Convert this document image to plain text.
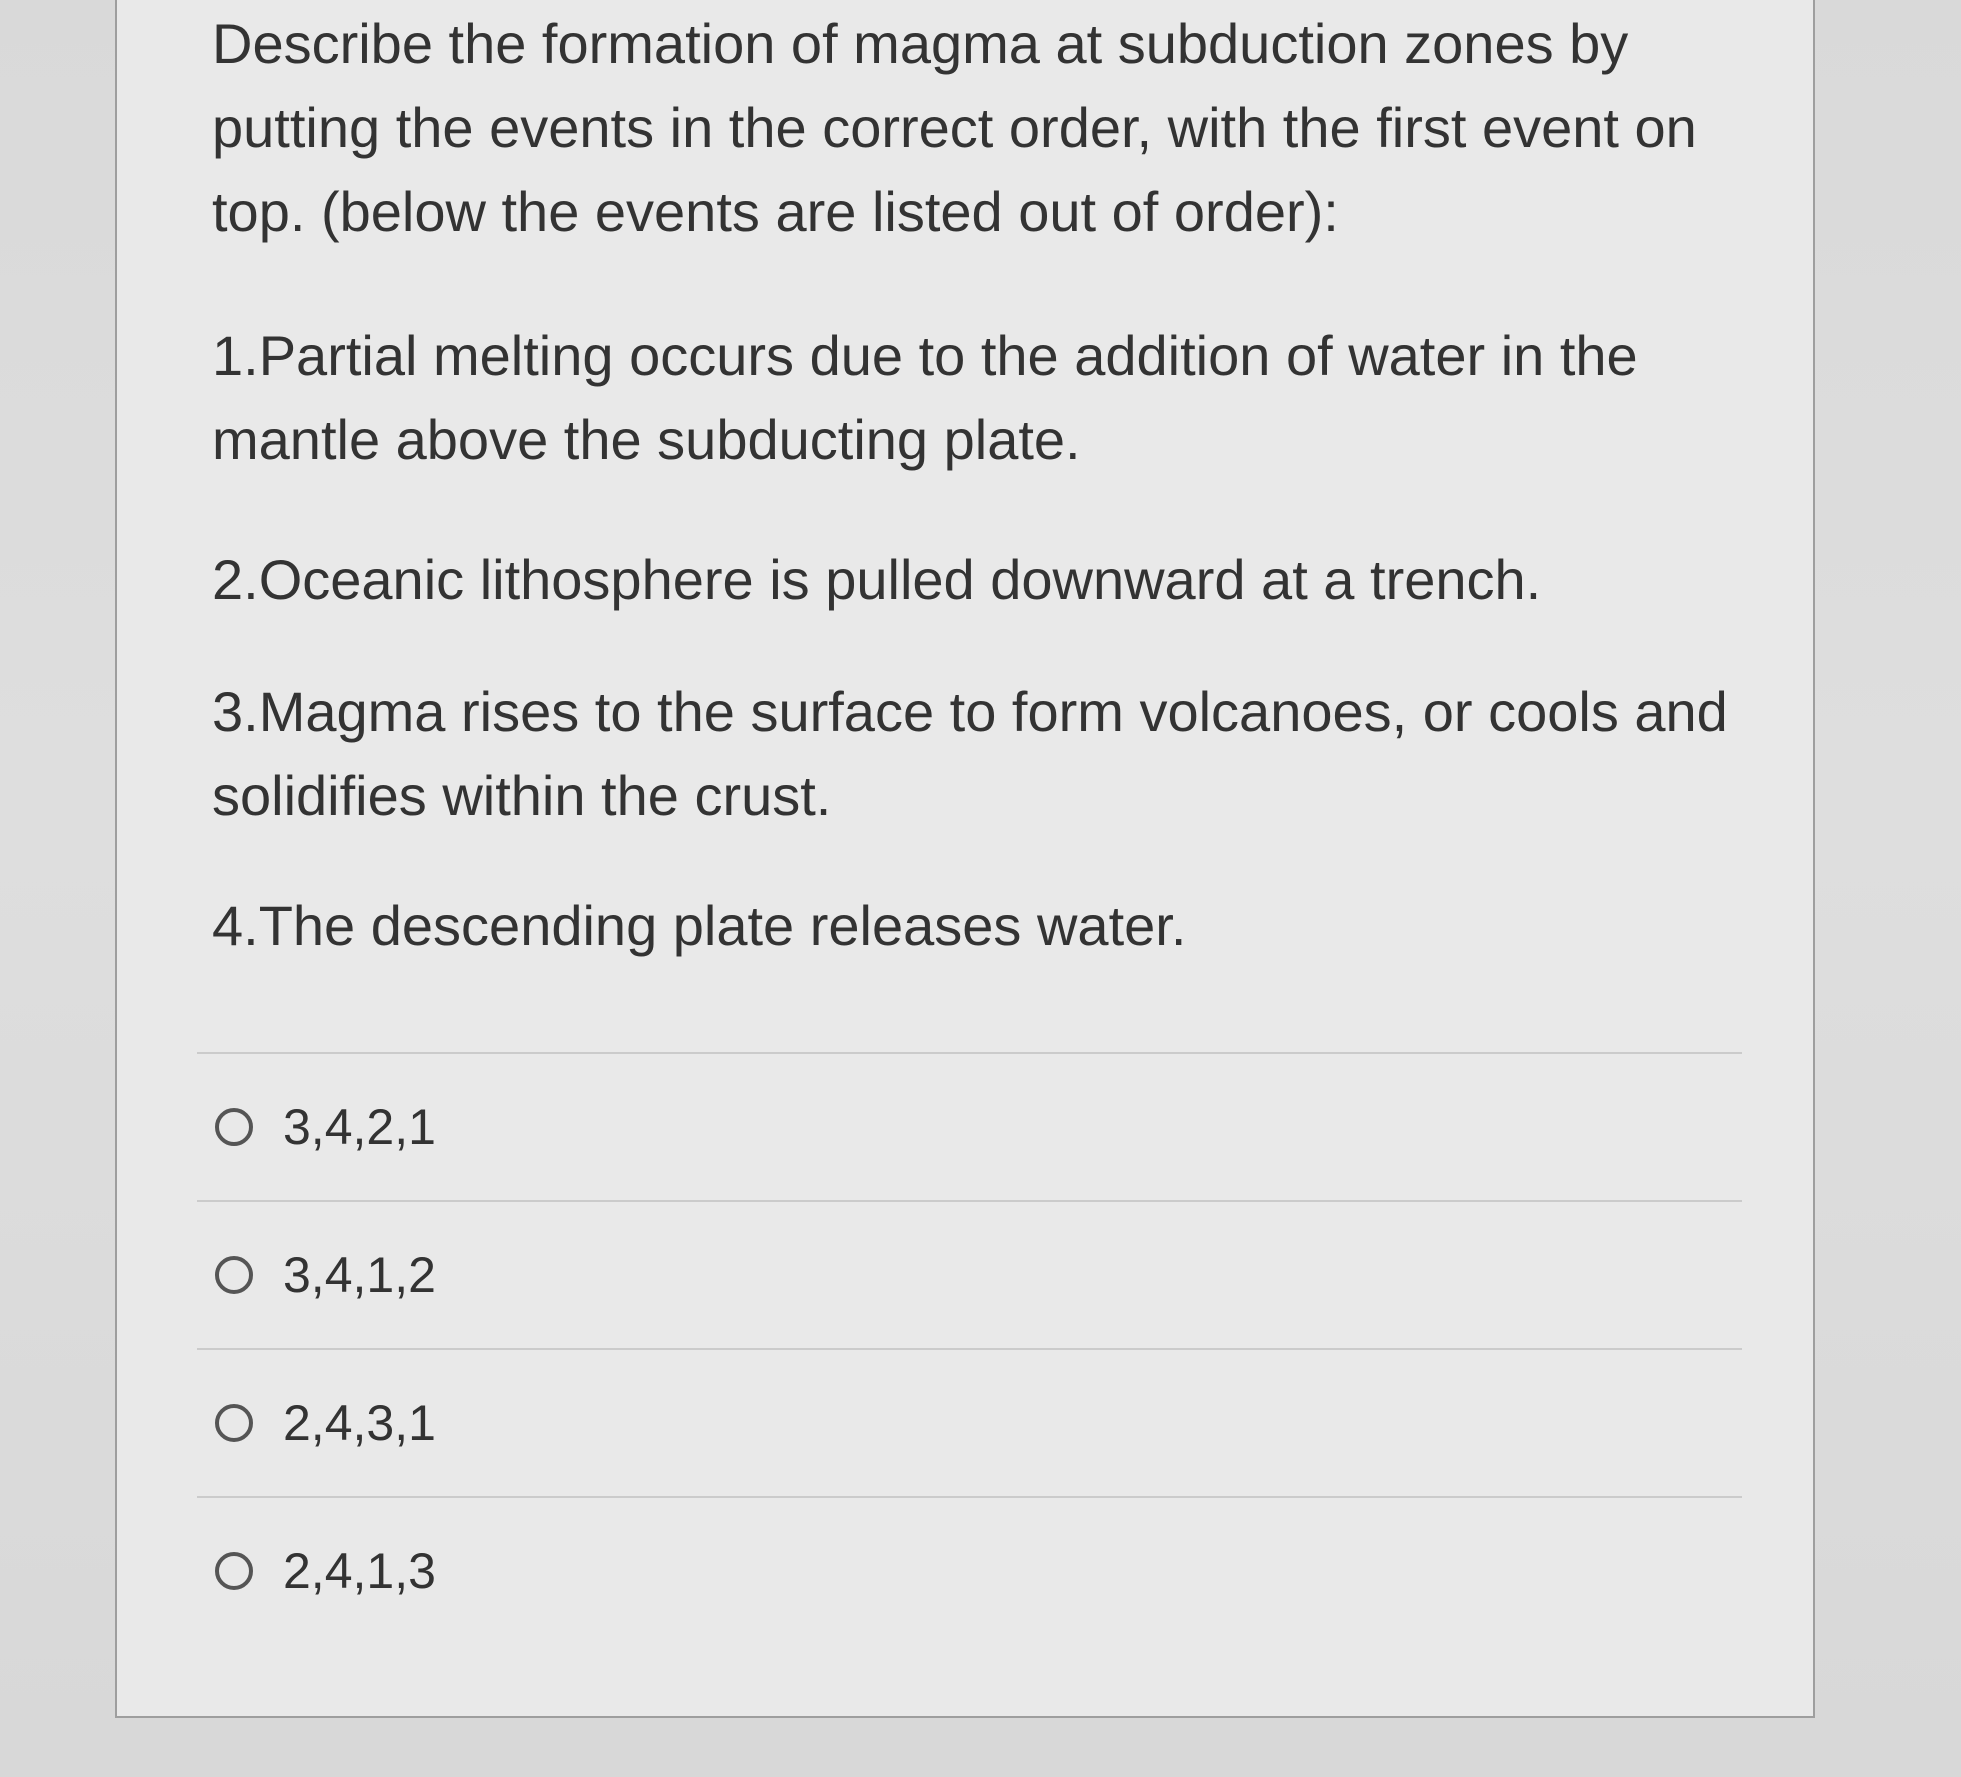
Describe the formation of magma at subduction zones by putting the events in the correct order, with the first event on top. (below the events are listed out of order):

1.Partial melting occurs due to the addition of water in the mantle above the subducting plate.

2.Oceanic lithosphere is pulled downward at a trench.

3.Magma rises to the surface to form volcanoes, or cools and solidifies within the crust.

4.The descending plate releases water.

3,4,2,1
3,4,1,2
2,4,3,1
2,4,1,3
